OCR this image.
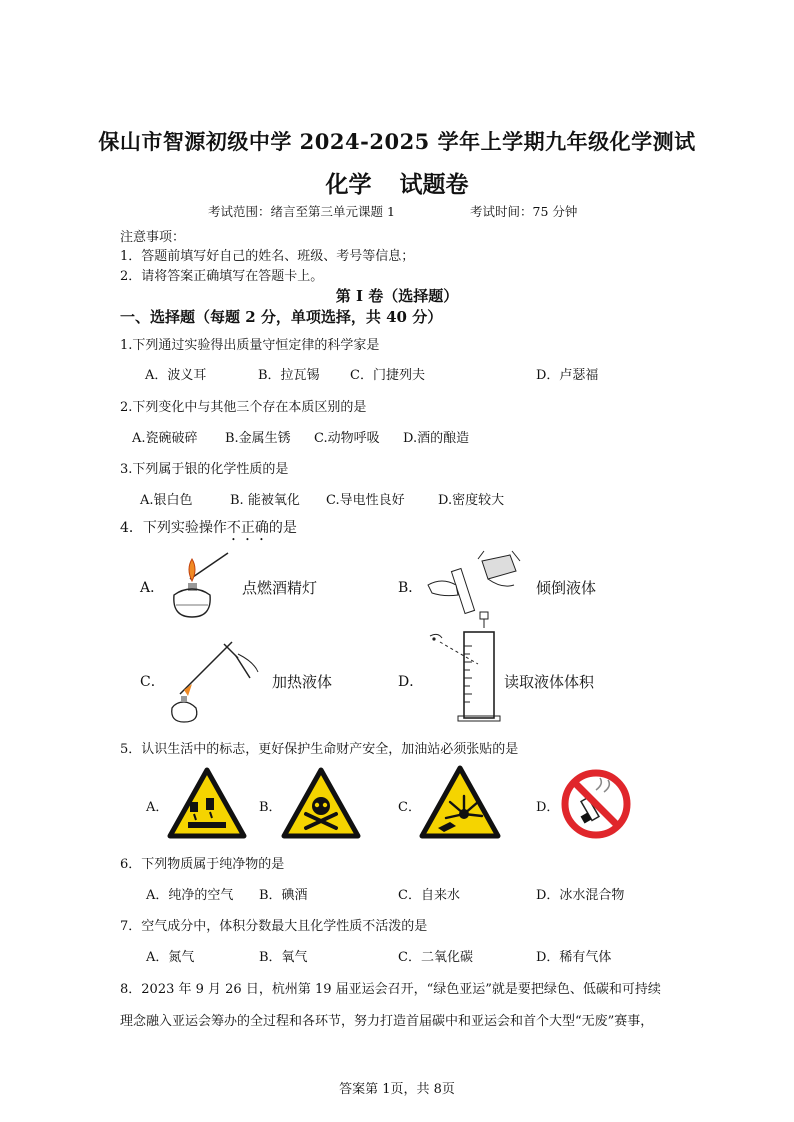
保山市智源初级中学 2024-2025 学年上学期九年级化学测试
化学 试题卷
考试范围：绪言至第三单元课题 1	考试时间：75 分钟
注意事项：
1．答题前填写好自己的姓名、班级、考号等信息；
2．请将答案正确填写在答题卡上。
第 I 卷（选择题）
一、选择题（每题 2 分，单项选择，共 40 分）
1.下列通过实验得出质量守恒定律的科学家是
A．波义耳	B．拉瓦锡 C．门捷列夫	D．卢瑟福
2.下列变化中与其他三个存在本质区别的是
A.瓷碗破碎 B.金属生锈 C.动物呼吸 D.酒的酿造
3.下列属于银的化学性质的是
A.银白色	B. 能被氧化 C.导电性良好	D.密度较大
4．下列实验操作不正确的是
A．	点燃酒精灯	B．	倾倒液体
C．	加热液体	D．	读取液体体积
5．认识生活中的标志，更好保护生命财产安全，加油站必须张贴的是
A．	B．	C．	D．
6．下列物质属于纯净物的是
A．纯净的空气 B．碘酒	C．自来水	D．冰水混合物
7．空气成分中，体积分数最大且化学性质不活泼的是
A．氮气	B．氧气	C．二氧化碳	D．稀有气体
8．2023 年 9 月 26 日，杭州第 19 届亚运会召开，“绿色亚运”就是要把绿色、低碳和可持续
理念融入亚运会筹办的全过程和各环节，努力打造首届碳中和亚运会和首个大型“无废”赛事，
答案第 1页，共 8页
